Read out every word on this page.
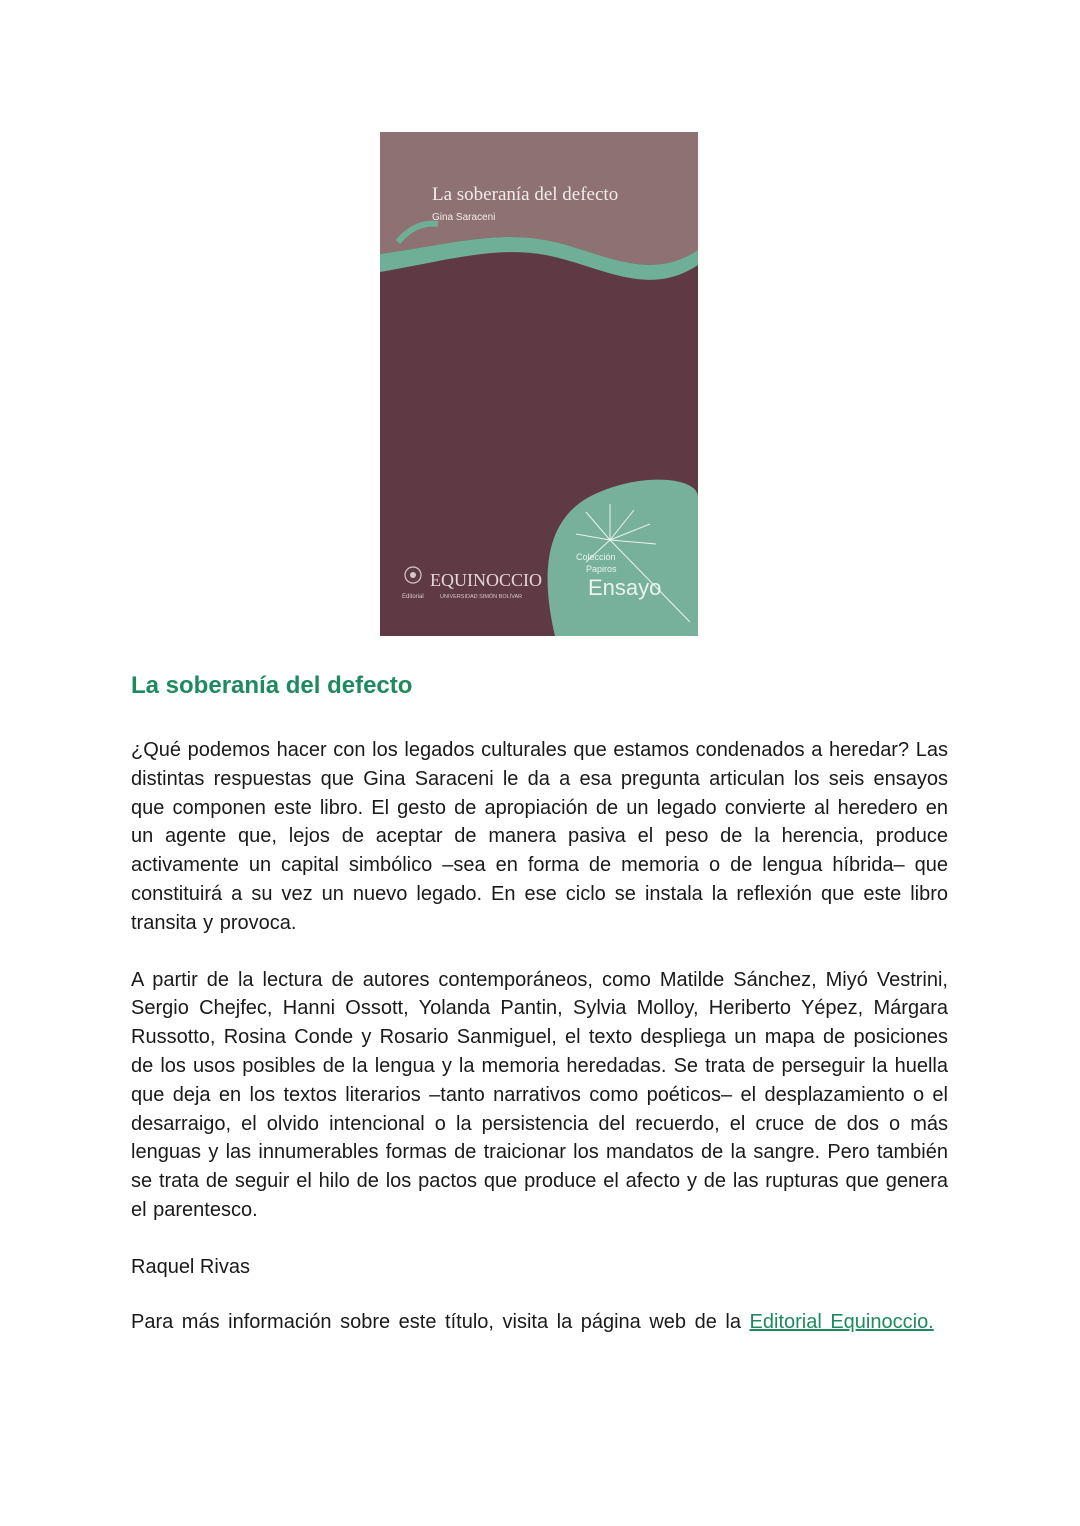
La soberanía del defecto
Gina Saraceni
Colección
Papiros
Ensayo
EQUINOCCIO
Editorial	UNIVERSIDAD SIMÓN BOLÍVAR
La soberanía del defecto

¿Qué podemos hacer con los legados culturales que estamos condenados a heredar? Las distintas respuestas que Gina Saraceni le da a esa pregunta articulan los seis ensayos que componen este libro. El gesto de apropiación de un legado convierte al heredero en un agente que, lejos de aceptar de manera pasiva el peso de la herencia, produce activamente un capital simbólico –sea en forma de memoria o de lengua híbrida– que constituirá a su vez un nuevo legado. En ese ciclo se instala la reflexión que este libro transita y provoca.

A partir de la lectura de autores contemporáneos, como Matilde Sánchez, Miyó Vestrini, Sergio Chejfec, Hanni Ossott, Yolanda Pantin, Sylvia Molloy, Heriberto Yépez, Márgara Russotto, Rosina Conde y Rosario Sanmiguel, el texto despliega un mapa de posiciones de los usos posibles de la lengua y la memoria heredadas. Se trata de perseguir la huella que deja en los textos literarios –tanto narrativos como poéticos– el desplazamiento o el desarraigo, el olvido intencional o la persistencia del recuerdo, el cruce de dos o más lenguas y las innumerables formas de traicionar los mandatos de la sangre. Pero también se trata de seguir el hilo de los pactos que produce el afecto y de las rupturas que genera el parentesco.

Raquel Rivas

Para más información sobre este título, visita la página web de la Editorial Equinoccio.
